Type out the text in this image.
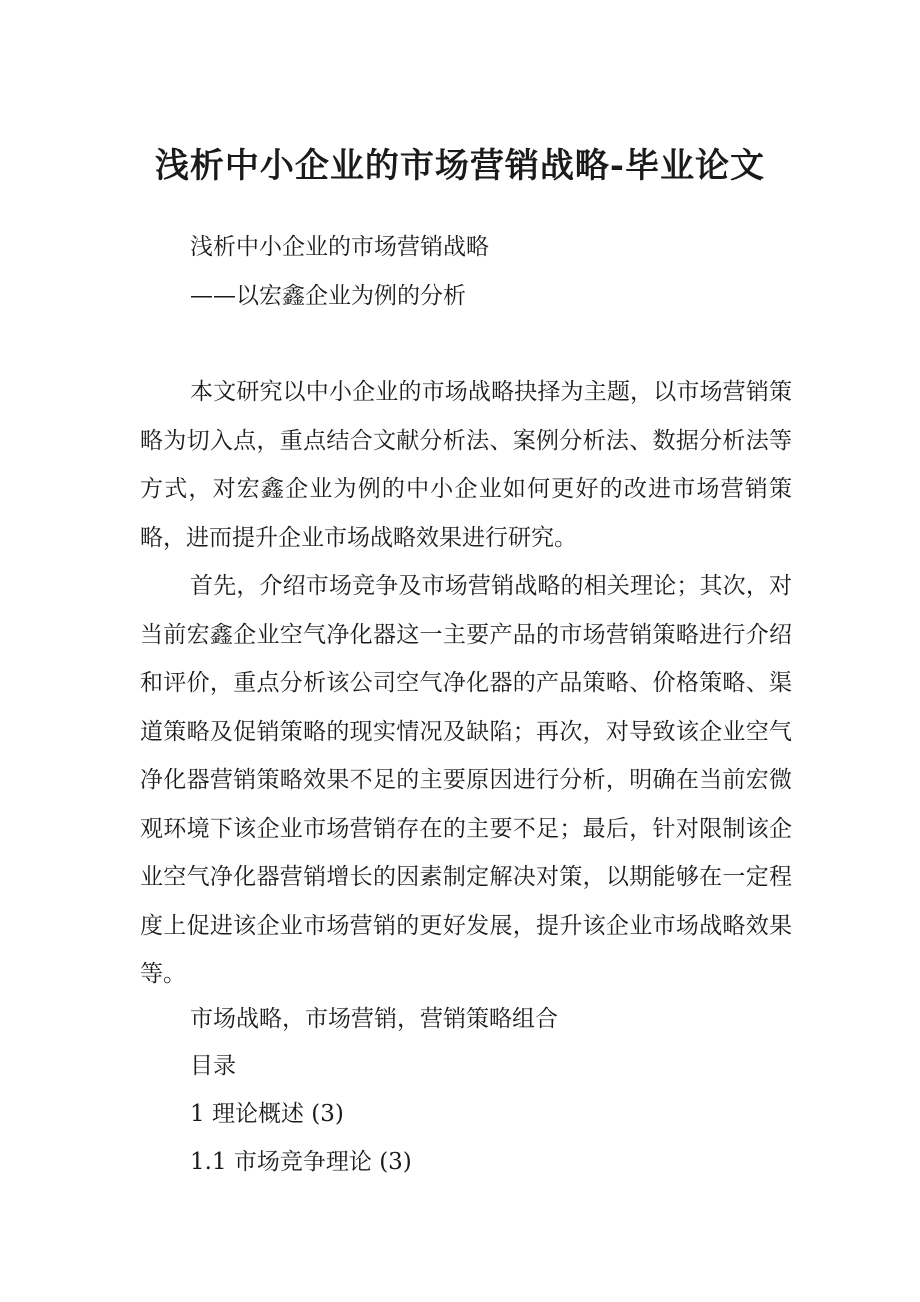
浅析中小企业的市场营销战略-毕业论文
浅析中小企业的市场营销战略
——以宏鑫企业为例的分析

本文研究以中小企业的市场战略抉择为主题，以市场营销策略为切入点，重点结合文献分析法、案例分析法、数据分析法等方式，对宏鑫企业为例的中小企业如何更好的改进市场营销策略，进而提升企业市场战略效果进行研究。

首先，介绍市场竞争及市场营销战略的相关理论；其次，对当前宏鑫企业空气净化器这一主要产品的市场营销策略进行介绍和评价，重点分析该公司空气净化器的产品策略、价格策略、渠道策略及促销策略的现实情况及缺陷；再次，对导致该企业空气净化器营销策略效果不足的主要原因进行分析，明确在当前宏微观环境下该企业市场营销存在的主要不足；最后，针对限制该企业空气净化器营销增长的因素制定解决对策，以期能够在一定程度上促进该企业市场营销的更好发展，提升该企业市场战略效果等。

市场战略，市场营销，营销策略组合
目录
1 理论概述 (3)
1.1 市场竞争理论 (3)
